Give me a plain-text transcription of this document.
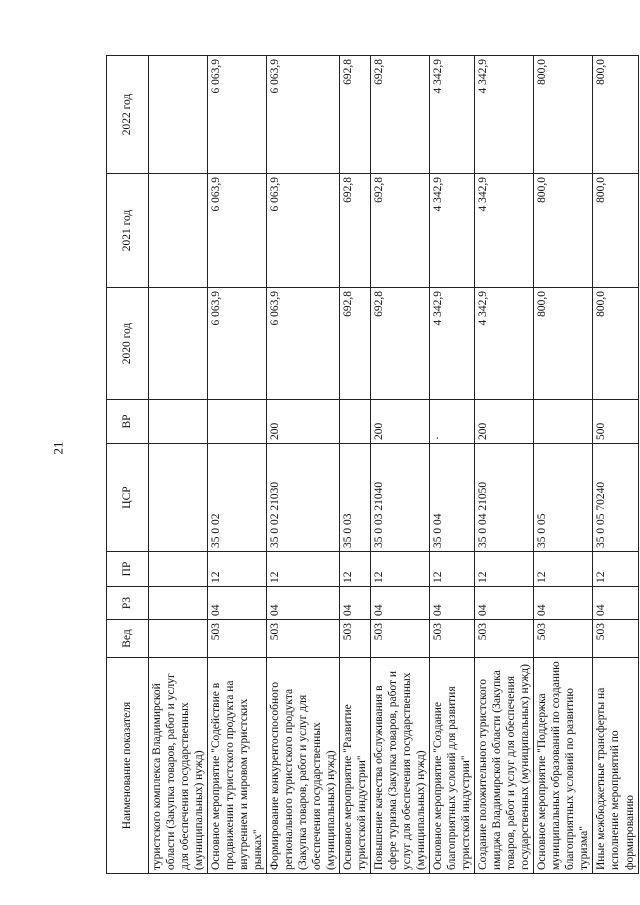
21
Наименование показателя	Вед	РЗ	ПР	ЦСР	ВР	2020 год	2021 год	2022 год
туристского комплекса Владимирской области (Закупка товаров, работ и услуг для обеспечения государственных (муниципальных) нужд)								
Основное мероприятие "Содействие в продвижении туристского продукта на внутреннем и мировом туристских рынках"	503	04	12	35 0 02		6 063,9	6 063,9	6 063,9
Формирование конкурентоспособного регионального туристского продукта (Закупка товаров, работ и услуг для обеспечения государственных (муниципальных) нужд)	503	04	12	35 0 02 21030	200	6 063,9	6 063,9	6 063,9
Основное мероприятие "Развитие туристской индустрии"	503	04	12	35 0 03		692,8	692,8	692,8
Повышение качества обслуживания в сфере туризма (Закупка товаров, работ и услуг для обеспечения государственных (муниципальных) нужд)	503	04	12	35 0 03 21040	200	692,8	692,8	692,8
Основное мероприятие "Создание благоприятных условий для развития туристской индустрии"	503	04	12	35 0 04	·	4 342,9	4 342,9	4 342,9
Создание положительного туристского имиджа Владимирской области (Закупка товаров, работ и услуг для обеспечения государственных (муниципальных) нужд)	503	04	12	35 0 04 21050	200	4 342,9	4 342,9	4 342,9
Основное мероприятие "Поддержка муниципальных образований по созданию благоприятных условий по развитию туризма"	503	04	12	35 0 05		800,0	800,0	800,0
Иные межбюджетные трансферты на исполнение мероприятий по формированию	503	04	12	35 0 05 70240	500	800,0	800,0	800,0
